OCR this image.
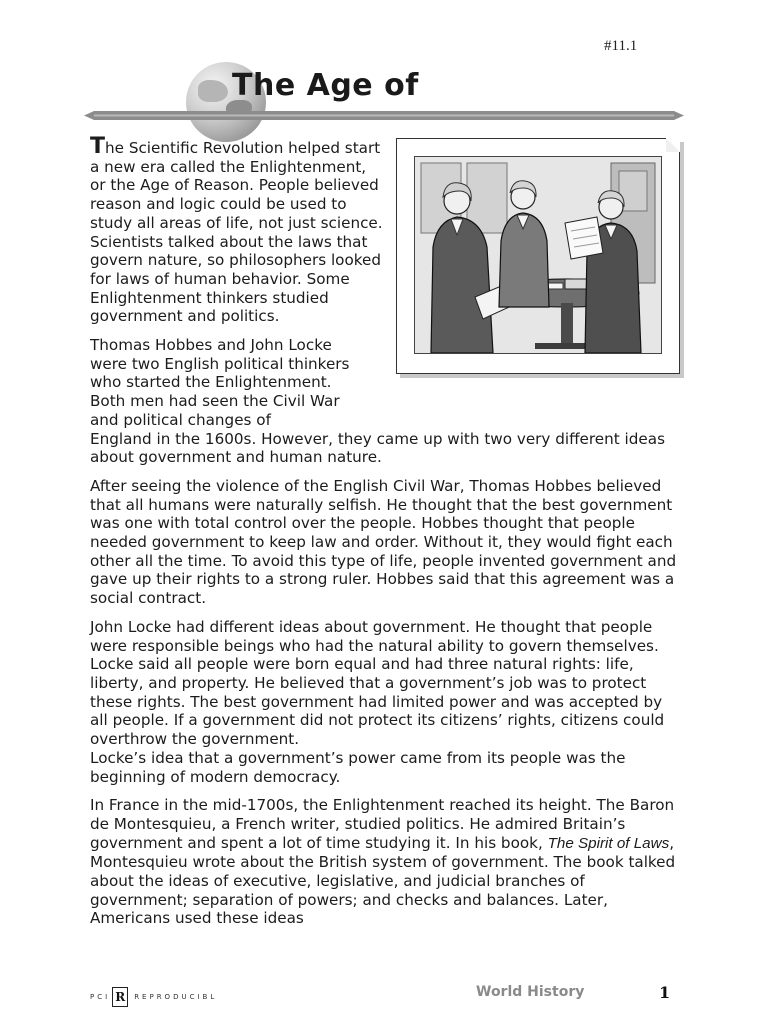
#11.1
The Age of

The Scientific Revolution helped start a new era called the Enlightenment, or the Age of Reason. People believed reason and logic could be used to study all areas of life, not just science. Scientists talked about the laws that govern nature, so philosophers looked for laws of human behavior. Some Enlightenment thinkers studied government and politics.

Thomas Hobbes and John Locke
were two English political thinkers
who started the Enlightenment.
Both men had seen the Civil War
and political changes of
England in the 1600s. However, they came up with two very different ideas about government and human nature.

After seeing the violence of the English Civil War, Thomas Hobbes believed that all humans were naturally selfish. He thought that the best government was one with total control over the people. Hobbes thought that people needed government to keep law and order. Without it, they would fight each other all the time. To avoid this type of life, people invented government and gave up their rights to a strong ruler. Hobbes said that this agreement was a social contract.

John Locke had different ideas about government. He thought that people were responsible beings who had the natural ability to govern themselves. Locke said all people were born equal and had three natural rights: life, liberty, and property. He believed that a government’s job was to protect these rights. The best government had limited power and was accepted by all people. If a government did not protect its citizens’ rights, citizens could overthrow the government.

Locke’s idea that a government’s power came from its people was the beginning of modern democracy.

In France in the mid-1700s, the Enlightenment reached its height. The Baron de Montesquieu, a French writer, studied politics. He admired Britain’s government and spent a lot of time studying it. In his book, The Spirit of Laws, Montesquieu wrote about the British system of government. The book talked about the ideas of executive, legislative, and judicial branches of government; separation of powers; and checks and balances. Later, Americans used these ideas

PCI R	REPRODUCIBL	World History	1
